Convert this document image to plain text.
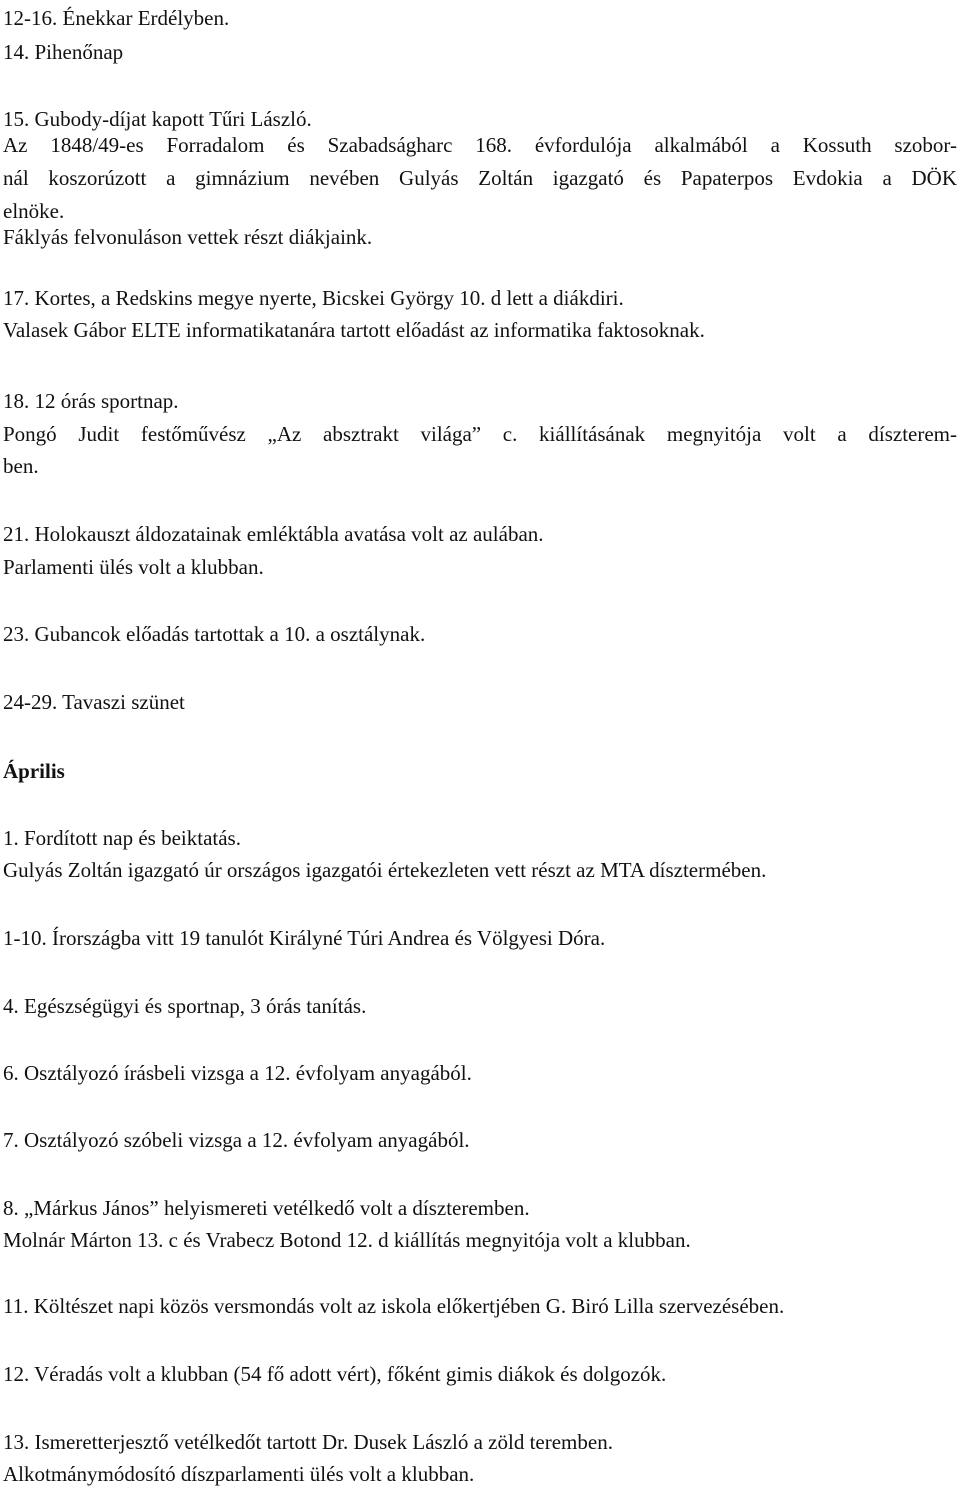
12-16. Énekkar Erdélyben.
14. Pihenőnap
15. Gubody-díjat kapott Tűri László.
Az 1848/49-es Forradalom és Szabadságharc 168. évfordulója alkalmából a Kossuth szobor-
nál koszorúzott a gimnázium nevében Gulyás Zoltán igazgató és Papaterpos Evdokia a DÖK
elnöke.
Fáklyás felvonuláson vettek részt diákjaink.
17. Kortes, a Redskins megye nyerte, Bicskei György 10. d lett a diákdiri.
Valasek Gábor ELTE informatikatanára tartott előadást az informatika faktosoknak.
18. 12 órás sportnap.
Pongó Judit festőművész „Az absztrakt világa” c. kiállításának megnyitója volt a díszterem-
ben.
21. Holokauszt áldozatainak emléktábla avatása volt az aulában.
Parlamenti ülés volt a klubban.
23. Gubancok előadás tartottak a 10. a osztálynak.
24-29. Tavaszi szünet
Április
1. Fordított nap és beiktatás.
Gulyás Zoltán igazgató úr országos igazgatói értekezleten vett részt az MTA dísztermében.
1-10. Írországba vitt 19 tanulót Királyné Túri Andrea és Völgyesi Dóra.
4. Egészségügyi és sportnap, 3 órás tanítás.
6. Osztályozó írásbeli vizsga a 12. évfolyam anyagából.
7. Osztályozó szóbeli vizsga a 12. évfolyam anyagából.
8. „Márkus János” helyismereti vetélkedő volt a díszteremben.
Molnár Márton 13. c és Vrabecz Botond 12. d kiállítás megnyitója volt a klubban.
11. Költészet napi közös versmondás volt az iskola előkertjében G. Biró Lilla szervezésében.
12. Véradás volt a klubban (54 fő adott vért), főként gimis diákok és dolgozók.
13. Ismeretterjesztő vetélkedőt tartott Dr. Dusek László a zöld teremben.
Alkotmánymódosító díszparlamenti ülés volt a klubban.
